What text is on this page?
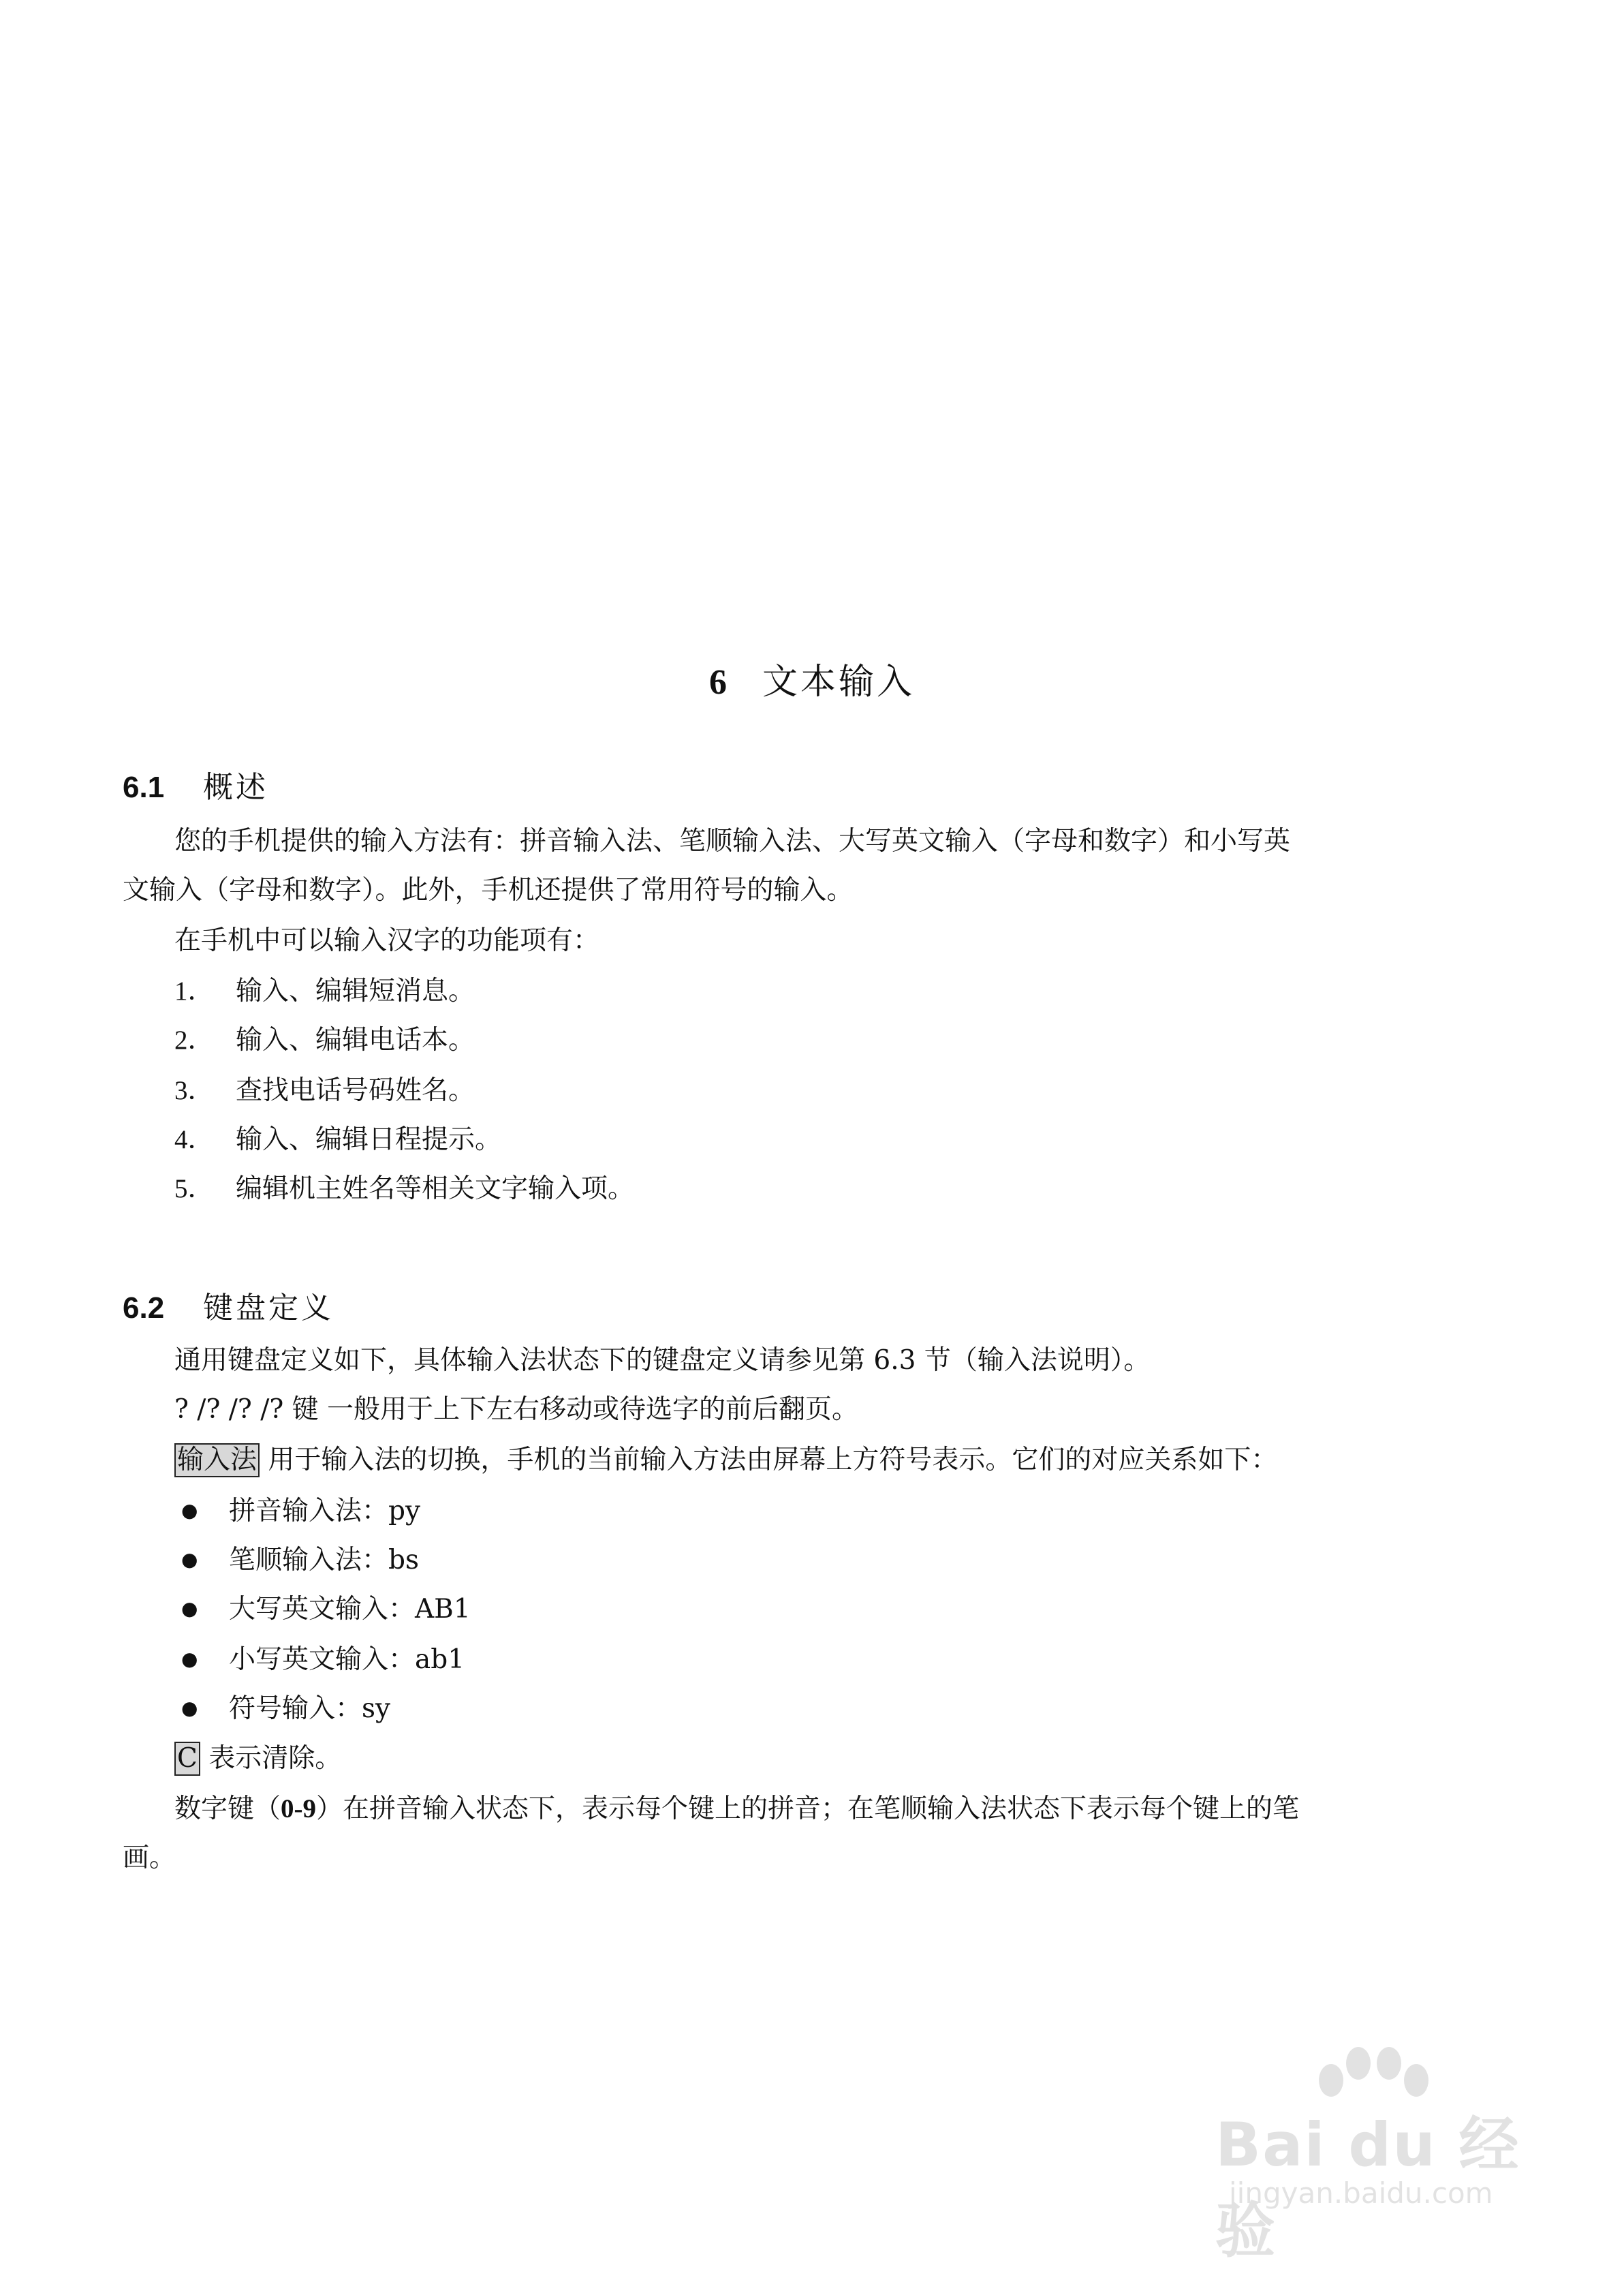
6 文本输入
6.1 概述
您的手机提供的输入方法有：拼音输入法、笔顺输入法、大写英文输入（字母和数字）和小写英
文输入（字母和数字）。此外，手机还提供了常用符号的输入。
在手机中可以输入汉字的功能项有：
1． 输入、编辑短消息。
2． 输入、编辑电话本。
3． 查找电话号码姓名。
4． 输入、编辑日程提示。
5． 编辑机主姓名等相关文字输入项。
6.2 键盘定义
通用键盘定义如下，具体输入法状态下的键盘定义请参见第 6.3 节（输入法说明）。
? /? /? /? 键 一般用于上下左右移动或待选字的前后翻页。
输入法 用于输入法的切换，手机的当前输入方法由屏幕上方符号表示。它们的对应关系如下：
● 拼音输入法：py
● 笔顺输入法：bs
● 大写英文输入：AB1
● 小写英文输入：ab1
● 符号输入：sy
C 表示清除。
数字键（0-9）在拼音输入状态下，表示每个键上的拼音；在笔顺输入法状态下表示每个键上的笔
画。
Bai du 经验
jingyan.baidu.com
